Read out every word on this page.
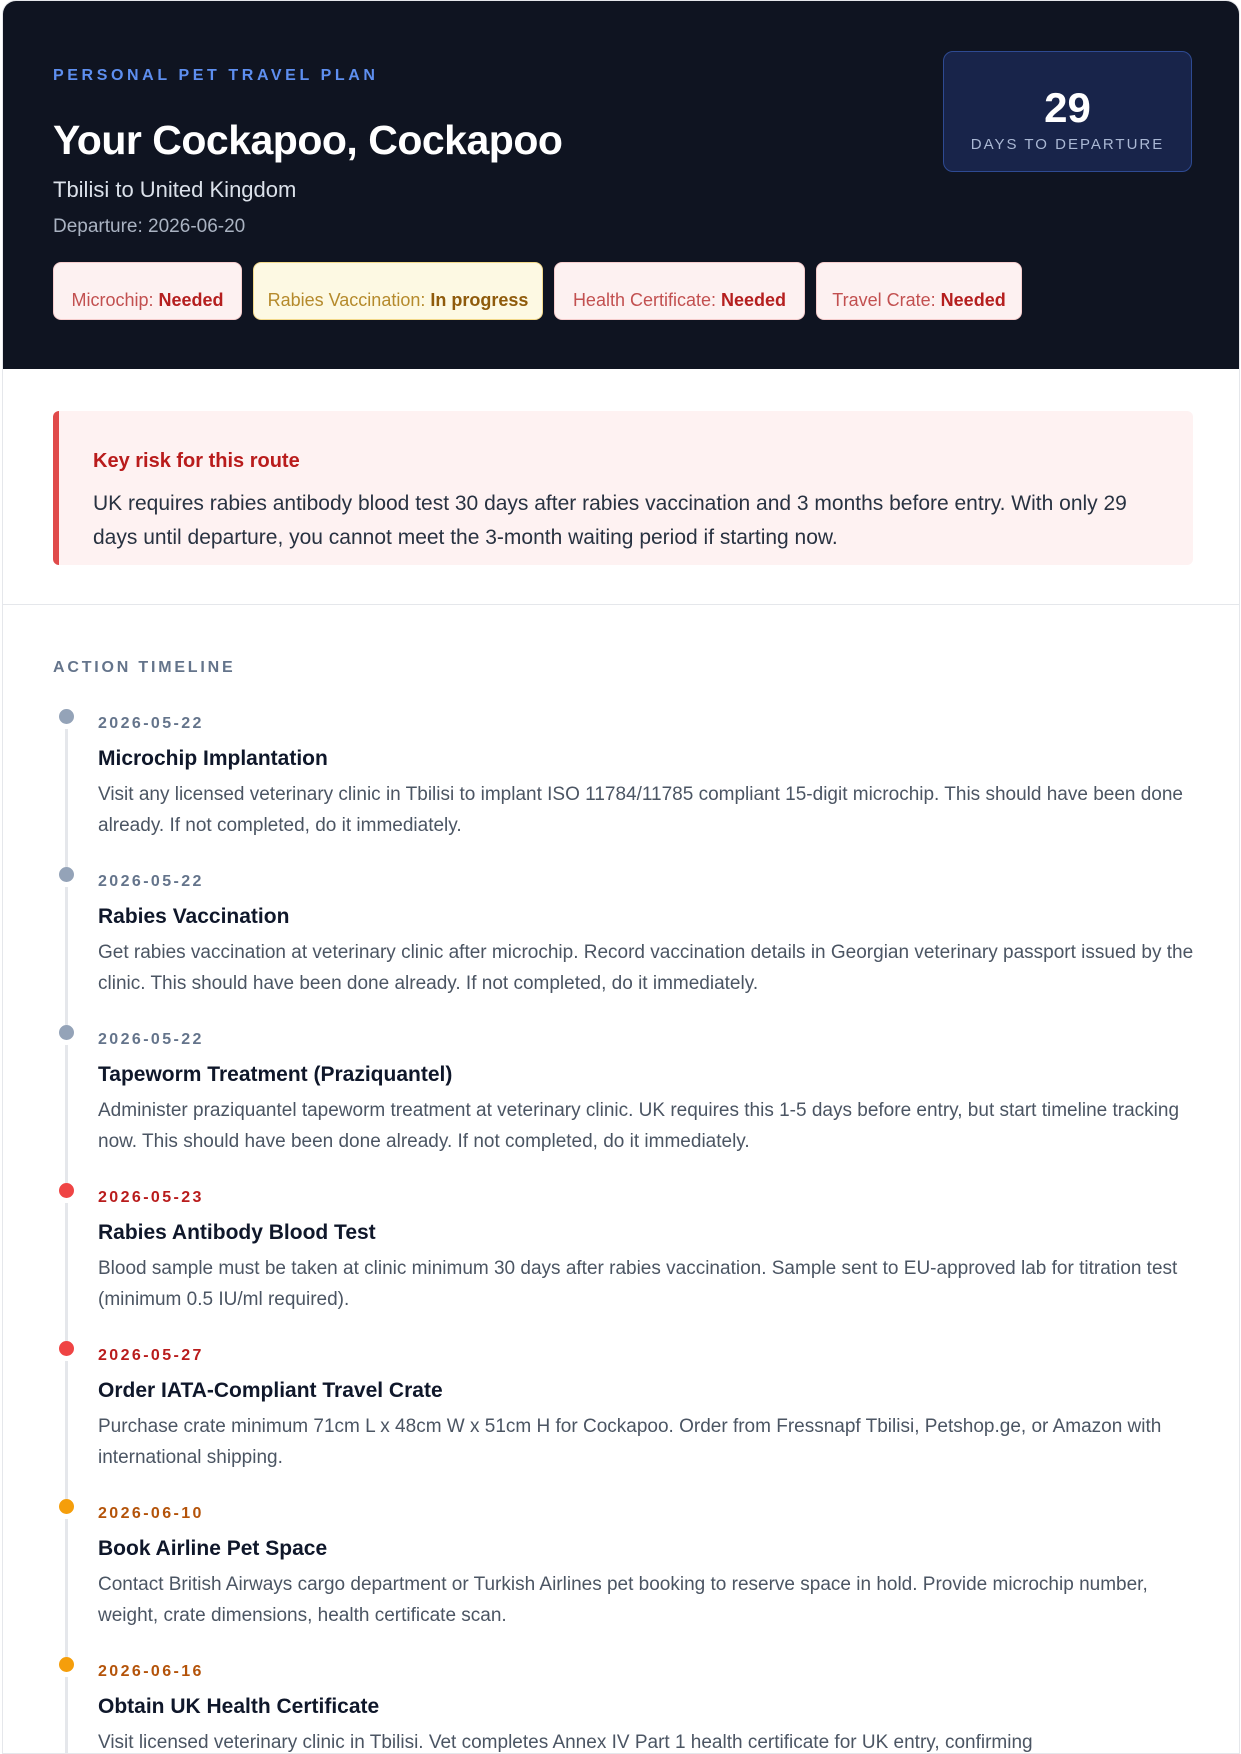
PERSONAL PET TRAVEL PLAN
Your Cockapoo, Cockapoo
Tbilisi to United Kingdom
Departure: 2026-06-20
29
DAYS TO DEPARTURE
Microchip: Needed	Rabies Vaccination: In progress	Health Certificate: Needed	Travel Crate: Needed
Key risk for this route
UK requires rabies antibody blood test 30 days after rabies vaccination and 3 months before entry. With only 29 days until departure, you cannot meet the 3-month waiting period if starting now.
ACTION TIMELINE
2026-05-22
Microchip Implantation
Visit any licensed veterinary clinic in Tbilisi to implant ISO 11784/11785 compliant 15-digit microchip. This should have been done already. If not completed, do it immediately.
2026-05-22
Rabies Vaccination
Get rabies vaccination at veterinary clinic after microchip. Record vaccination details in Georgian veterinary passport issued by the clinic. This should have been done already. If not completed, do it immediately.
2026-05-22
Tapeworm Treatment (Praziquantel)
Administer praziquantel tapeworm treatment at veterinary clinic. UK requires this 1-5 days before entry, but start timeline tracking now. This should have been done already. If not completed, do it immediately.
2026-05-23
Rabies Antibody Blood Test
Blood sample must be taken at clinic minimum 30 days after rabies vaccination. Sample sent to EU-approved lab for titration test (minimum 0.5 IU/ml required).
2026-05-27
Order IATA-Compliant Travel Crate
Purchase crate minimum 71cm L x 48cm W x 51cm H for Cockapoo. Order from Fressnapf Tbilisi, Petshop.ge, or Amazon with international shipping.
2026-06-10
Book Airline Pet Space
Contact British Airways cargo department or Turkish Airlines pet booking to reserve space in hold. Provide microchip number, weight, crate dimensions, health certificate scan.
2026-06-16
Obtain UK Health Certificate
Visit licensed veterinary clinic in Tbilisi. Vet completes Annex IV Part 1 health certificate for UK entry, confirming
